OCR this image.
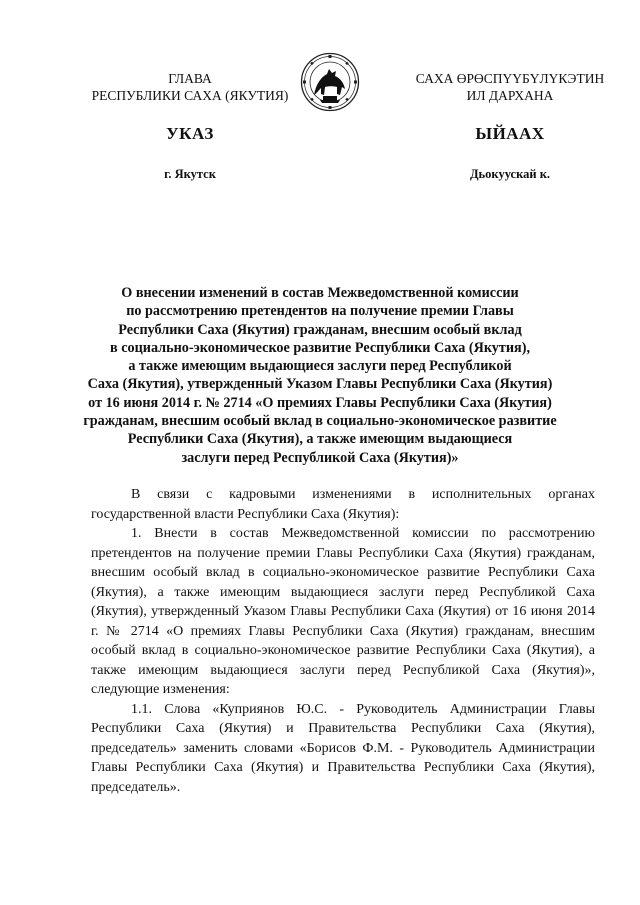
ГЛАВА
РЕСПУБЛИКИ САХА (ЯКУТИЯ)
САХА ӨРӨСПҮҮБҮЛҮКЭТИН
ИЛ ДАРХАНА
УКАЗ	ЫЙААХ
г. Якутск	Дьокуускай к.
О внесении изменений в состав Межведомственной комиссии
по рассмотрению претендентов на получение премии Главы
Республики Саха (Якутия) гражданам, внесшим особый вклад
в социально-экономическое развитие Республики Саха (Якутия),
а также имеющим выдающиеся заслуги перед Республикой
Саха (Якутия), утвержденный Указом Главы Республики Саха (Якутия)
от 16 июня 2014 г. № 2714 «О премиях Главы Республики Саха (Якутия)
гражданам, внесшим особый вклад в социально-экономическое развитие
Республики Саха (Якутия), а также имеющим выдающиеся
заслуги перед Республикой Саха (Якутия)»

В связи с кадровыми изменениями в исполнительных органах государственной власти Республики Саха (Якутия):

1. Внести в состав Межведомственной комиссии по рассмотрению претендентов на получение премии Главы Республики Саха (Якутия) гражданам, внесшим особый вклад в социально-экономическое развитие Республики Саха (Якутия), а также имеющим выдающиеся заслуги перед Республикой Саха (Якутия), утвержденный Указом Главы Республики Саха (Якутия) от 16 июня 2014 г. № 2714 «О премиях Главы Республики Саха (Якутия) гражданам, внесшим особый вклад в социально-экономическое развитие Республики Саха (Якутия), а также имеющим выдающиеся заслуги перед Республикой Саха (Якутия)», следующие изменения:

1.1. Слова «Куприянов Ю.С. - Руководитель Администрации Главы Республики Саха (Якутия) и Правительства Республики Саха (Якутия), председатель» заменить словами «Борисов Ф.М. - Руководитель Администрации Главы Республики Саха (Якутия) и Правительства Республики Саха (Якутия), председатель».
